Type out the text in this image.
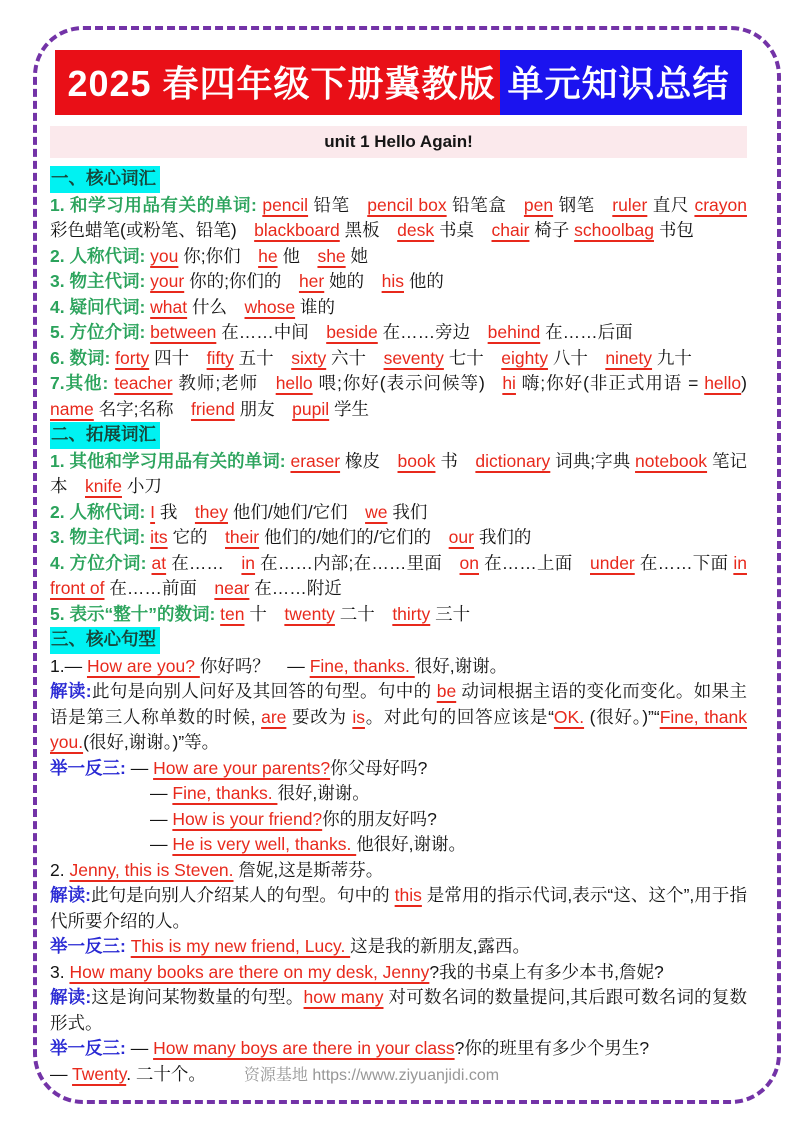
2025 春四年级下册冀教版 单元知识总结
unit 1 Hello Again!
一、核心词汇
1. 和学习用品有关的单词: pencil 铅笔 pencil box 铅笔盒 pen 钢笔 ruler 直尺 crayon 彩色蜡笔(或粉笔、铅笔) blackboard 黑板 desk 书桌 chair 椅子 schoolbag 书包
2. 人称代词: you 你;你们 he 他 she 她
3. 物主代词: your 你的;你们的 her 她的 his 他的
4. 疑问代词: what 什么 whose 谁的
5. 方位介词: between 在……中间 beside 在……旁边 behind 在……后面
6. 数词: forty 四十 fifty 五十 sixty 六十 seventy 七十 eighty 八十 ninety 九十
7.其他: teacher 教师;老师 hello 喂;你好(表示问候等) hi 嗨;你好(非正式用语 = hello) name 名字;名称 friend 朋友 pupil 学生
二、拓展词汇
1. 其他和学习用品有关的单词: eraser 橡皮 book 书 dictionary 词典;字典 notebook 笔记本 knife 小刀
2. 人称代词: I 我 they 他们/她们/它们 we 我们
3. 物主代词: its 它的 their 他们的/她们的/它们的 our 我们的
4. 方位介词: at 在…… in 在……内部;在……里面 on 在……上面 under 在……下面 in front of 在……前面 near 在……附近
5. 表示“整十”的数词: ten 十 twenty 二十 thirty 三十
三、核心句型
1.— How are you? 你好吗？ — Fine, thanks. 很好,谢谢。
解读:此句是向别人问好及其回答的句型。句中的 be 动词根据主语的变化而变化。如果主语是第三人称单数的时候, are 要改为 is。对此句的回答应该是“OK. (很好。)”“Fine, thank you.(很好,谢谢。)”等。
举一反三: — How are your parents?你父母好吗?
— Fine, thanks. 很好,谢谢。
— How is your friend?你的朋友好吗?
— He is very well, thanks. 他很好,谢谢。
2. Jenny, this is Steven. 詹妮,这是斯蒂芬。
解读:此句是向别人介绍某人的句型。句中的 this 是常用的指示代词,表示“这、这个”,用于指代所要介绍的人。
举一反三: This is my new friend, Lucy. 这是我的新朋友,露西。
3. How many books are there on my desk, Jenny?我的书桌上有多少本书,詹妮?
解读:这是询问某物数量的句型。how many 对可数名词的数量提问,其后跟可数名词的复数形式。
举一反三: — How many boys are there in your class?你的班里有多少个男生?
— Twenty. 二十个。 资源基地 https://www.ziyuanjidi.com
